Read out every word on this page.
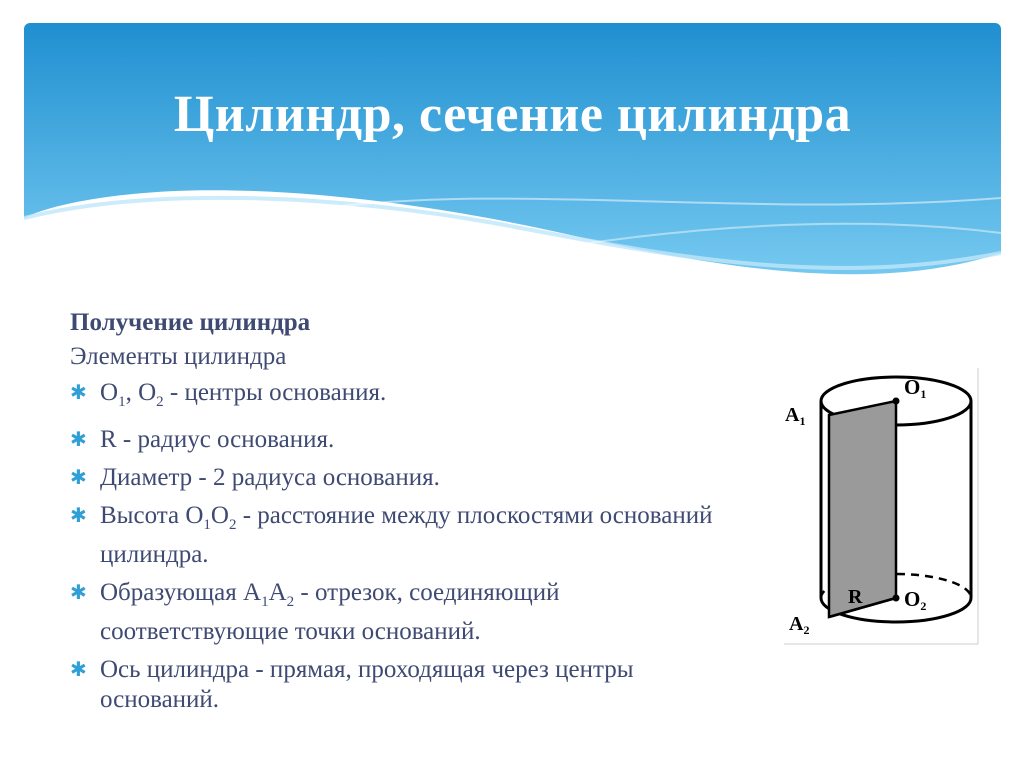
Цилиндр, сечение цилиндра

Получение цилиндра

Элементы цилиндра

✱ $O_1$, $O_2$ - центры основания.
✱ R - радиус основания.
✱ Диаметр - 2 радиуса основания.
✱ Высота $O_1O_2$ - расстояние между плоскостями оснований цилиндра.
✱ Образующая $A_1A_2$ - отрезок, соединяющий соответствующие точки оснований.
✱ Ось цилиндра - прямая, проходящая через центры оснований.
$A_1$
$A_2$
O1
O2
R
